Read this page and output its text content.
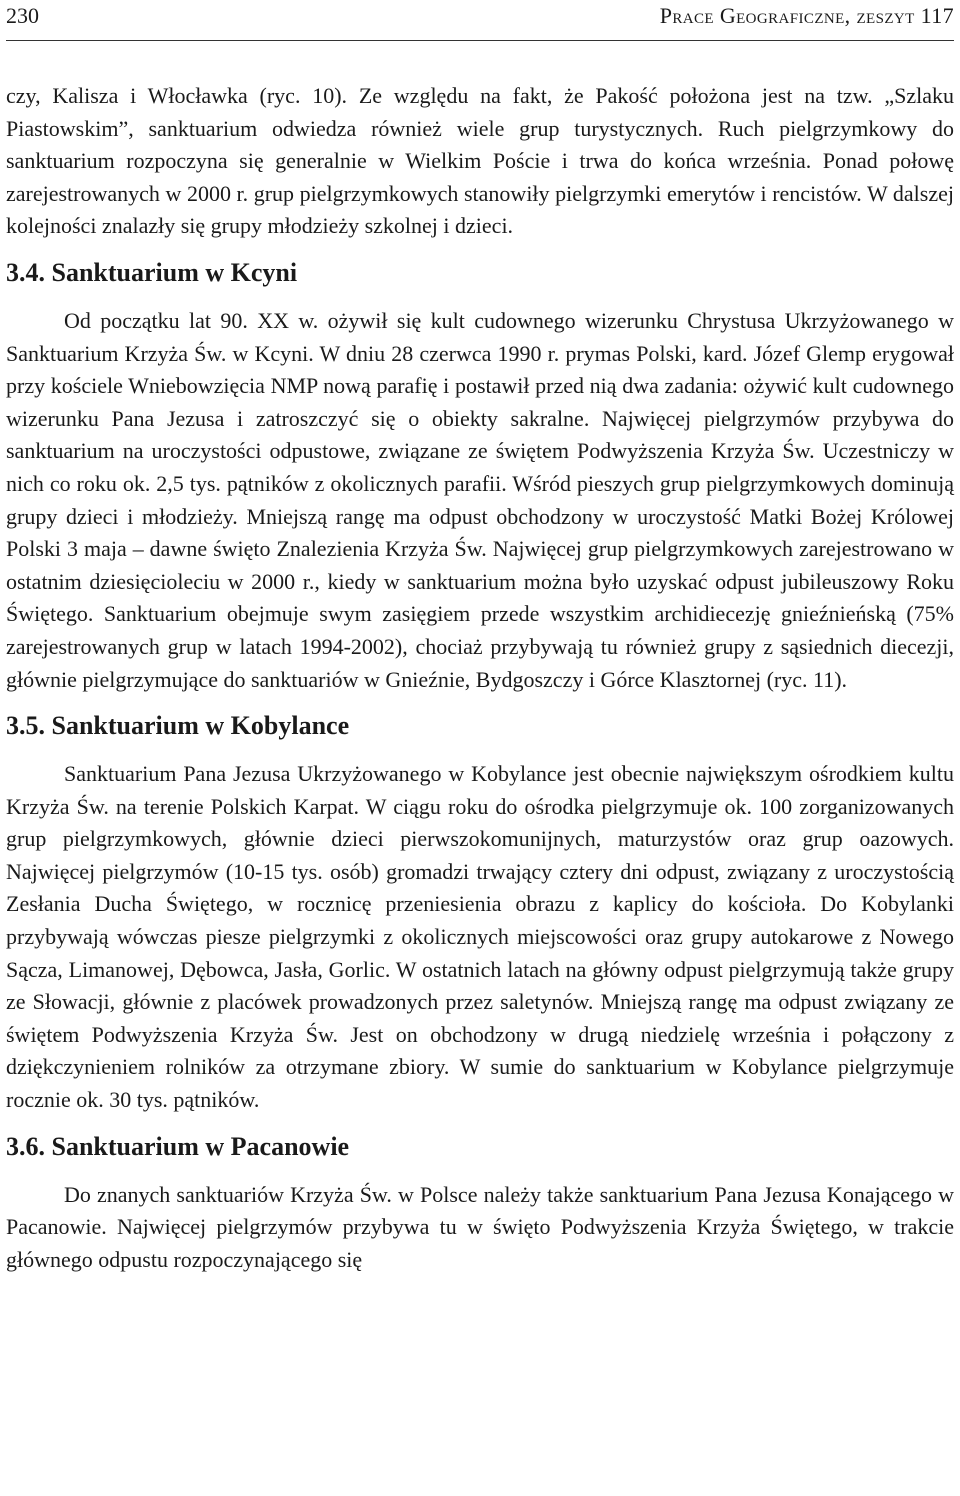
230	Prace Geograficzne, zeszyt 117

czy, Kalisza i Włocławka (ryc. 10). Ze względu na fakt, że Pakość położona jest na tzw. „Szlaku Piastowskim”, sanktuarium odwiedza również wiele grup turystycznych. Ruch pielgrzymkowy do sanktuarium rozpoczyna się generalnie w Wielkim Poście i trwa do końca września. Ponad połowę zarejestrowanych w 2000 r. grup pielgrzymkowych stanowiły pielgrzymki emerytów i rencistów. W dalszej kolejności znalazły się grupy młodzieży szkolnej i dzieci.

3.4. Sanktuarium w Kcyni

Od początku lat 90. XX w. ożywił się kult cudownego wizerunku Chrystusa Ukrzyżowanego w Sanktuarium Krzyża Św. w Kcyni. W dniu 28 czerwca 1990 r. prymas Polski, kard. Józef Glemp erygował przy kościele Wniebowzięcia NMP nową parafię i postawił przed nią dwa zadania: ożywić kult cudownego wizerunku Pana Jezusa i zatroszczyć się o obiekty sakralne. Najwięcej pielgrzymów przybywa do sanktuarium na uroczystości odpustowe, związane ze świętem Podwyższenia Krzyża Św. Uczestniczy w nich co roku ok. 2,5 tys. pątników z okolicznych parafii. Wśród pieszych grup pielgrzymkowych dominują grupy dzieci i młodzieży. Mniejszą rangę ma odpust obchodzony w uroczystość Matki Bożej Królowej Polski 3 maja – dawne święto Znalezienia Krzyża Św. Najwięcej grup pielgrzymkowych zarejestrowano w ostatnim dziesięcioleciu w 2000 r., kiedy w sanktuarium można było uzyskać odpust jubileuszowy Roku Świętego. Sanktuarium obejmuje swym zasięgiem przede wszystkim archidiecezję gnieźnieńską (75% zarejestrowanych grup w latach 1994-2002), chociaż przybywają tu również grupy z sąsiednich diecezji, głównie pielgrzymujące do sanktuariów w Gnieźnie, Bydgoszczy i Górce Klasztornej (ryc. 11).

3.5. Sanktuarium w Kobylance

Sanktuarium Pana Jezusa Ukrzyżowanego w Kobylance jest obecnie największym ośrodkiem kultu Krzyża Św. na terenie Polskich Karpat. W ciągu roku do ośrodka pielgrzymuje ok. 100 zorganizowanych grup pielgrzymkowych, głównie dzieci pierwszokomunijnych, maturzystów oraz grup oazowych. Najwięcej pielgrzymów (10-15 tys. osób) gromadzi trwający cztery dni odpust, związany z uroczystością Zesłania Ducha Świętego, w rocznicę przeniesienia obrazu z kaplicy do kościoła. Do Kobylanki przybywają wówczas piesze pielgrzymki z okolicznych miejscowości oraz grupy autokarowe z Nowego Sącza, Limanowej, Dębowca, Jasła, Gorlic. W ostatnich latach na główny odpust pielgrzymują także grupy ze Słowacji, głównie z placówek prowadzonych przez saletynów. Mniejszą rangę ma odpust związany ze świętem Podwyższenia Krzyża Św. Jest on obchodzony w drugą niedzielę września i połączony z dziękczynieniem rolników za otrzymane zbiory. W sumie do sanktuarium w Kobylance pielgrzymuje rocznie ok. 30 tys. pątników.

3.6. Sanktuarium w Pacanowie

Do znanych sanktuariów Krzyża Św. w Polsce należy także sanktuarium Pana Jezusa Konającego w Pacanowie. Najwięcej pielgrzymów przybywa tu w święto Podwyższenia Krzyża Świętego, w trakcie głównego odpustu rozpoczynającego się
